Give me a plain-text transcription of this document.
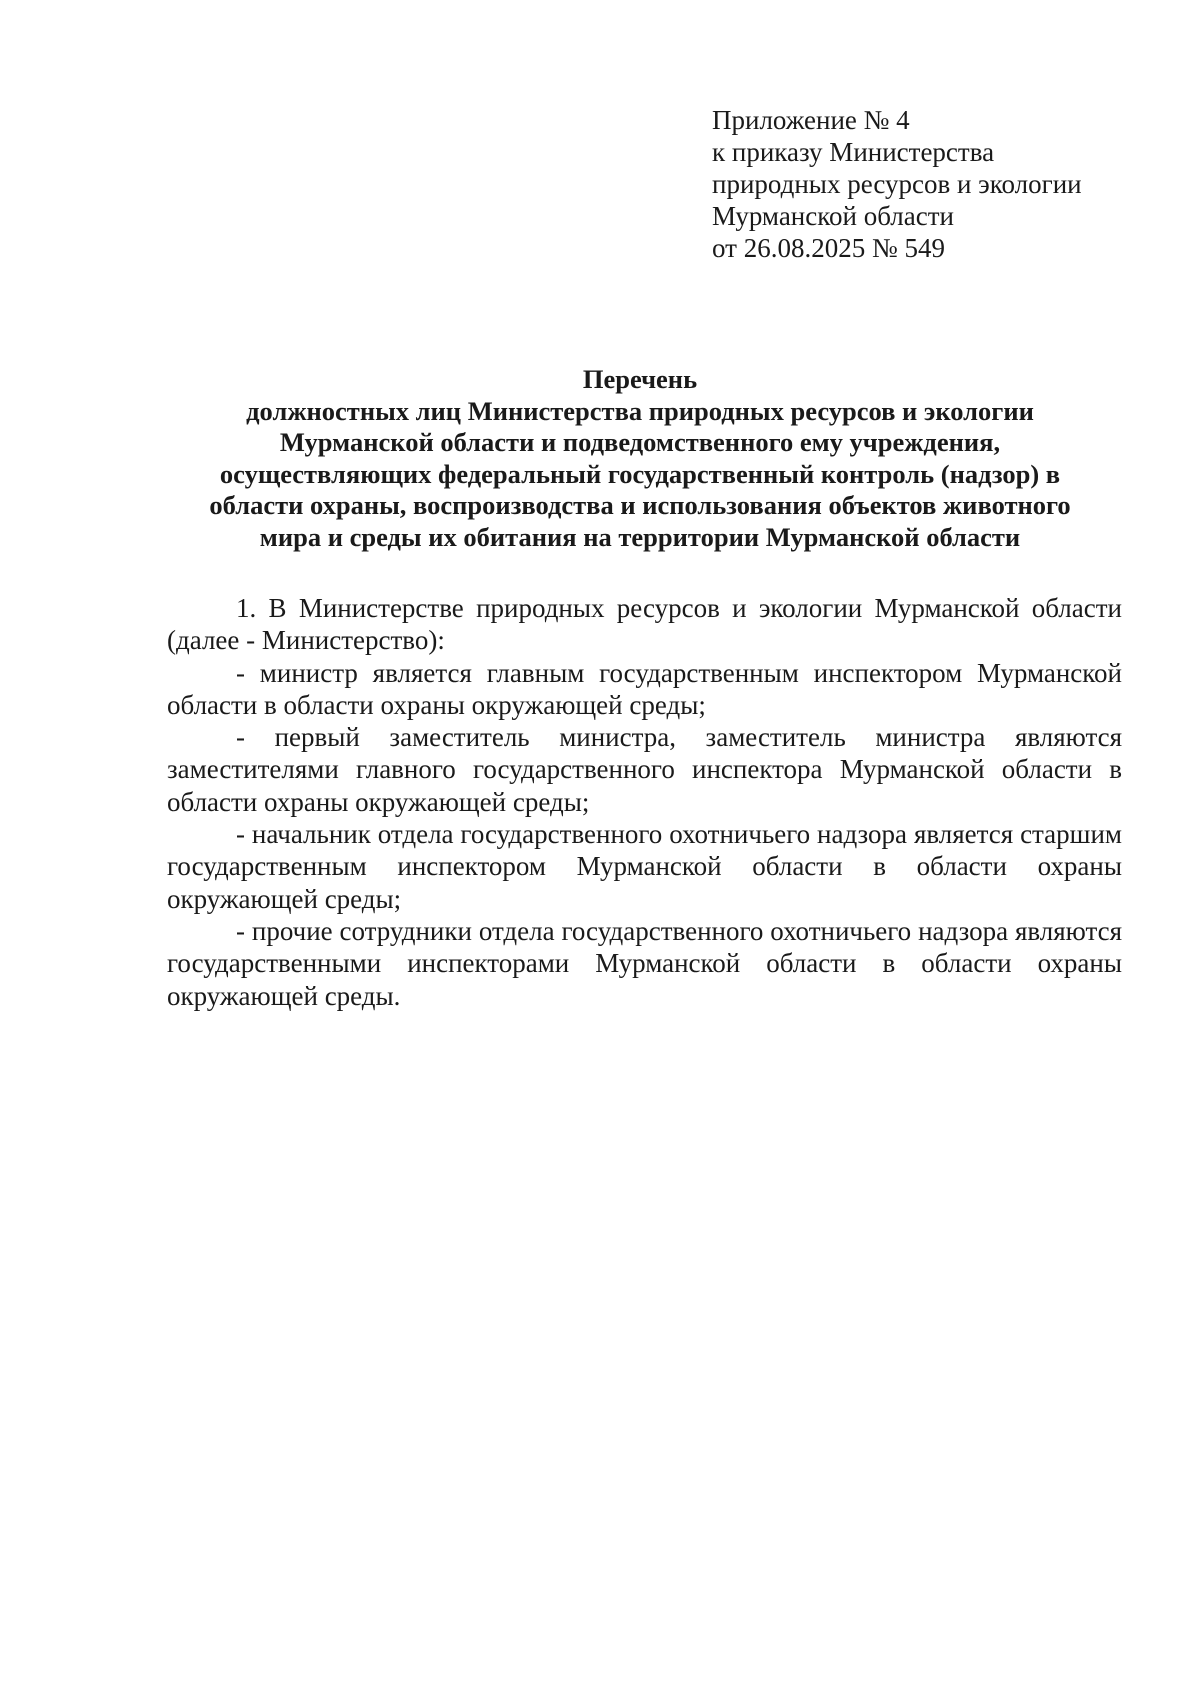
Приложение № 4
к приказу Министерства
природных ресурсов и экологии
Мурманской области
от 26.08.2025 № 549
Перечень
должностных лиц Министерства природных ресурсов и экологии
Мурманской области и подведомственного ему учреждения,
осуществляющих федеральный государственный контроль (надзор) в
области охраны, воспроизводства и использования объектов животного
мира и среды их обитания на территории Мурманской области

1. В Министерстве природных ресурсов и экологии Мурманской области (далее - Министерство):

- министр является главным государственным инспектором Мурманской области в области охраны окружающей среды;

- первый заместитель министра, заместитель министра являются заместителями главного государственного инспектора Мурманской области в области охраны окружающей среды;

- начальник отдела государственного охотничьего надзора является старшим государственным инспектором Мурманской области в области охраны окружающей среды;

- прочие сотрудники отдела государственного охотничьего надзора являются государственными инспекторами Мурманской области в области охраны окружающей среды.
